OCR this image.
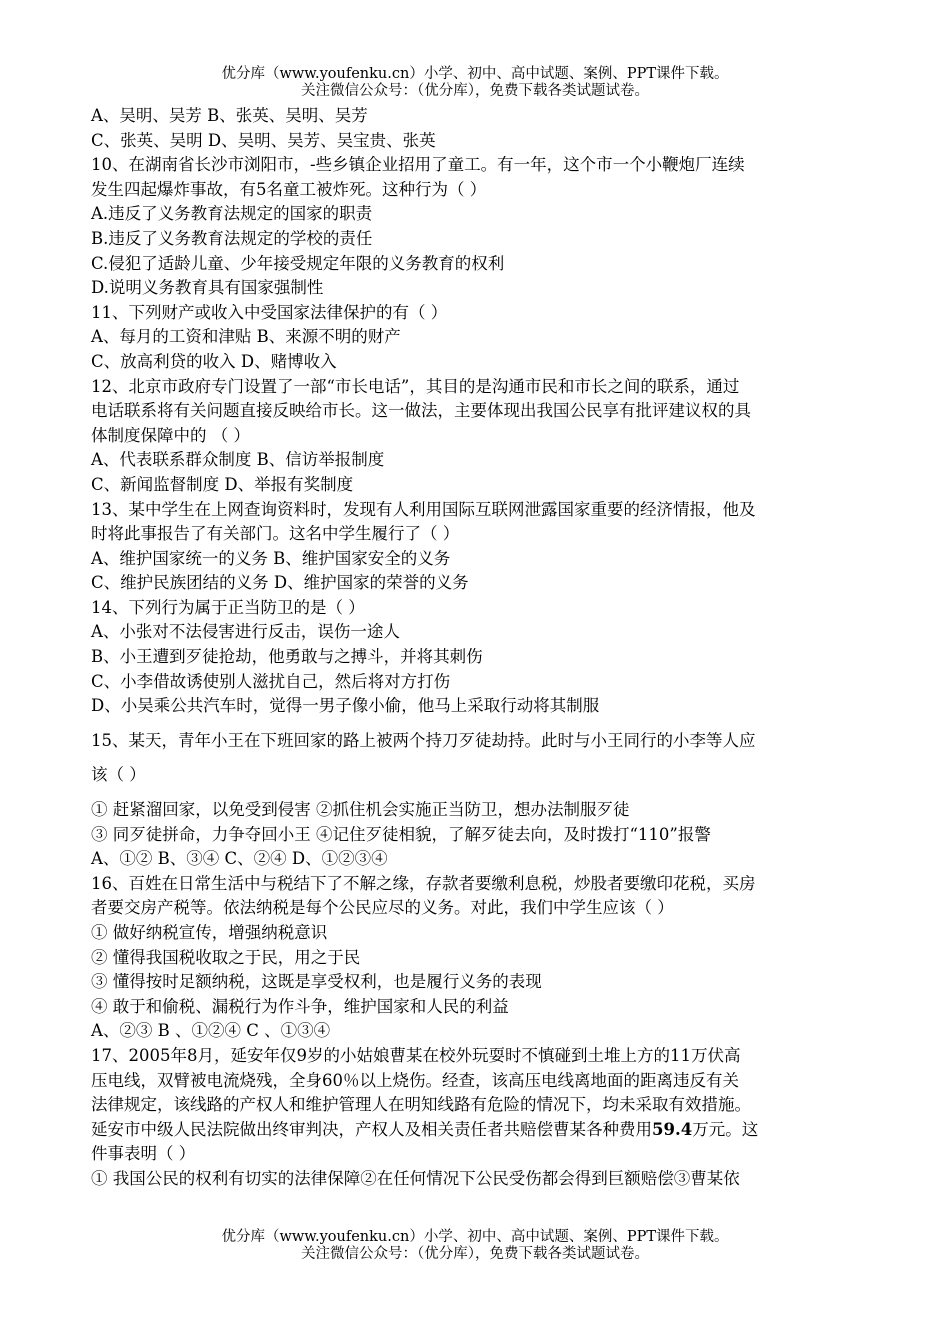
优分库（www.youfenku.cn）小学、初中、高中试题、案例、PPT课件下载。
关注微信公众号：（优分库），免费下载各类试题试卷。
A、吴明、吴芳 B、张英、吴明、吴芳
C、张英、吴明 D、吴明、吴芳、吴宝贵、张英
10、在湖南省长沙市浏阳市，-些乡镇企业招用了童工。有一年，这个市一个小鞭炮厂连续
发生四起爆炸事故，有5名童工被炸死。这种行为（ ）
A.违反了义务教育法规定的国家的职责
B.违反了义务教育法规定的学校的责任
C.侵犯了适龄儿童、少年接受规定年限的义务教育的权利
D.说明义务教育具有国家强制性
11、下列财产或收入中受国家法律保护的有（ ）
A、每月的工资和津贴 B、来源不明的财产
C、放高利贷的收入 D、赌博收入
12、北京市政府专门设置了一部“市长电话”，其目的是沟通市民和市长之间的联系，通过
电话联系将有关问题直接反映给市长。这一做法，主要体现出我国公民享有批评建议权的具
体制度保障中的 （ ）
A、代表联系群众制度 B、信访举报制度
C、新闻监督制度 D、举报有奖制度
13、某中学生在上网查询资料时，发现有人利用国际互联网泄露国家重要的经济情报，他及
时将此事报告了有关部门。这名中学生履行了（ ）
A、维护国家统一的义务 B、维护国家安全的义务
C、维护民族团结的义务 D、维护国家的荣誉的义务
14、下列行为属于正当防卫的是（ ）
A、小张对不法侵害进行反击，误伤一途人
B、小王遭到歹徒抢劫，他勇敢与之搏斗，并将其刺伤
C、小李借故诱使别人滋扰自己，然后将对方打伤
D、小吴乘公共汽车时，觉得一男子像小偷，他马上采取行动将其制服
15、某天，青年小王在下班回家的路上被两个持刀歹徒劫持。此时与小王同行的小李等人应
该（ ）
① 赶紧溜回家，以免受到侵害 ②抓住机会实施正当防卫，想办法制服歹徒
③ 同歹徒拼命，力争夺回小王 ④记住歹徒相貌，了解歹徒去向，及时拨打“110”报警
A、①② B、③④ C、②④ D、①②③④
16、百姓在日常生活中与税结下了不解之缘，存款者要缴利息税，炒股者要缴印花税，买房
者要交房产税等。依法纳税是每个公民应尽的义务。对此，我们中学生应该（ ）
① 做好纳税宣传，增强纳税意识
② 懂得我国税收取之于民，用之于民
③ 懂得按时足额纳税，这既是享受权利，也是履行义务的表现
④ 敢于和偷税、漏税行为作斗争，维护国家和人民的利益
A、②③ B 、①②④ C 、①③④
17、2005年8月，延安年仅9岁的小姑娘曹某在校外玩耍时不慎碰到土堆上方的11万伏高
压电线，双臂被电流烧残，全身60％以上烧伤。经查，该高压电线离地面的距离违反有关
法律规定，该线路的产权人和维护管理人在明知线路有危险的情况下，均未采取有效措施。
延安市中级人民法院做出终审判决，产权人及相关责任者共赔偿曹某各种费用59.4万元。这
件事表明（ ）
① 我国公民的权利有切实的法律保障②在任何情况下公民受伤都会得到巨额赔偿③曹某依
优分库（www.youfenku.cn）小学、初中、高中试题、案例、PPT课件下载。
关注微信公众号：（优分库），免费下载各类试题试卷。
